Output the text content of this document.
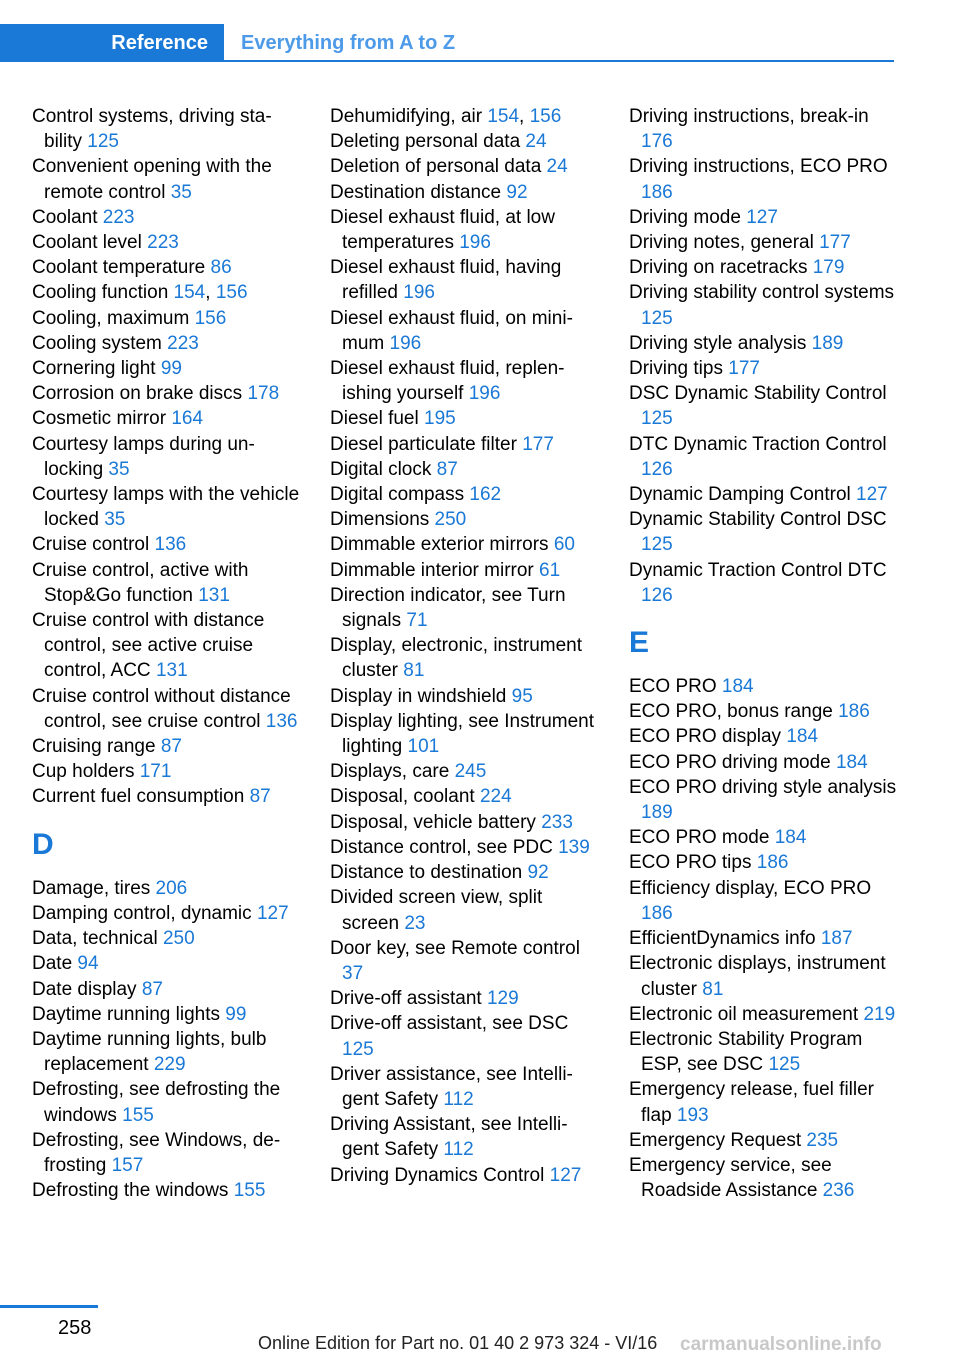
Reference	Everything from A to Z
Control systems, driving stability 125
Convenient opening with the remote control 35
Coolant 223
Coolant level 223
Coolant temperature 86
Cooling function 154, 156
Cooling, maximum 156
Cooling system 223
Cornering light 99
Corrosion on brake discs 178
Cosmetic mirror 164
Courtesy lamps during unlocking 35
Courtesy lamps with the vehicle locked 35
Cruise control 136
Cruise control, active with Stop&Go function 131
Cruise control with distance control, see active cruise control, ACC 131
Cruise control without distance control, see cruise control 136
Cruising range 87
Cup holders 171
Current fuel consumption 87
D
Damage, tires 206
Damping control, dynamic 127
Data, technical 250
Date 94
Date display 87
Daytime running lights 99
Daytime running lights, bulb replacement 229
Defrosting, see defrosting the windows 155
Defrosting, see Windows, defrosting 157
Defrosting the windows 155
Dehumidifying, air 154, 156
Deleting personal data 24
Deletion of personal data 24
Destination distance 92
Diesel exhaust fluid, at low temperatures 196
Diesel exhaust fluid, having refilled 196
Diesel exhaust fluid, on minimum 196
Diesel exhaust fluid, replenishing yourself 196
Diesel fuel 195
Diesel particulate filter 177
Digital clock 87
Digital compass 162
Dimensions 250
Dimmable exterior mirrors 60
Dimmable interior mirror 61
Direction indicator, see Turn signals 71
Display, electronic, instrument cluster 81
Display in windshield 95
Display lighting, see Instrument lighting 101
Displays, care 245
Disposal, coolant 224
Disposal, vehicle battery 233
Distance control, see PDC 139
Distance to destination 92
Divided screen view, split screen 23
Door key, see Remote control 37
Drive-off assistant 129
Drive-off assistant, see DSC 125
Driver assistance, see Intelligent Safety 112
Driving Assistant, see Intelligent Safety 112
Driving Dynamics Control 127
Driving instructions, break-in 176
Driving instructions, ECO PRO 186
Driving mode 127
Driving notes, general 177
Driving on racetracks 179
Driving stability control systems 125
Driving style analysis 189
Driving tips 177
DSC Dynamic Stability Control 125
DTC Dynamic Traction Control 126
Dynamic Damping Control 127
Dynamic Stability Control DSC 125
Dynamic Traction Control DTC 126
E
ECO PRO 184
ECO PRO, bonus range 186
ECO PRO display 184
ECO PRO driving mode 184
ECO PRO driving style analysis 189
ECO PRO mode 184
ECO PRO tips 186
Efficiency display, ECO PRO 186
EfficientDynamics info 187
Electronic displays, instrument cluster 81
Electronic oil measurement 219
Electronic Stability Program ESP, see DSC 125
Emergency release, fuel filler flap 193
Emergency Request 235
Emergency service, see Roadside Assistance 236
258
Online Edition for Part no. 01 40 2 973 324 - VI/16 carmanualsonline.info
